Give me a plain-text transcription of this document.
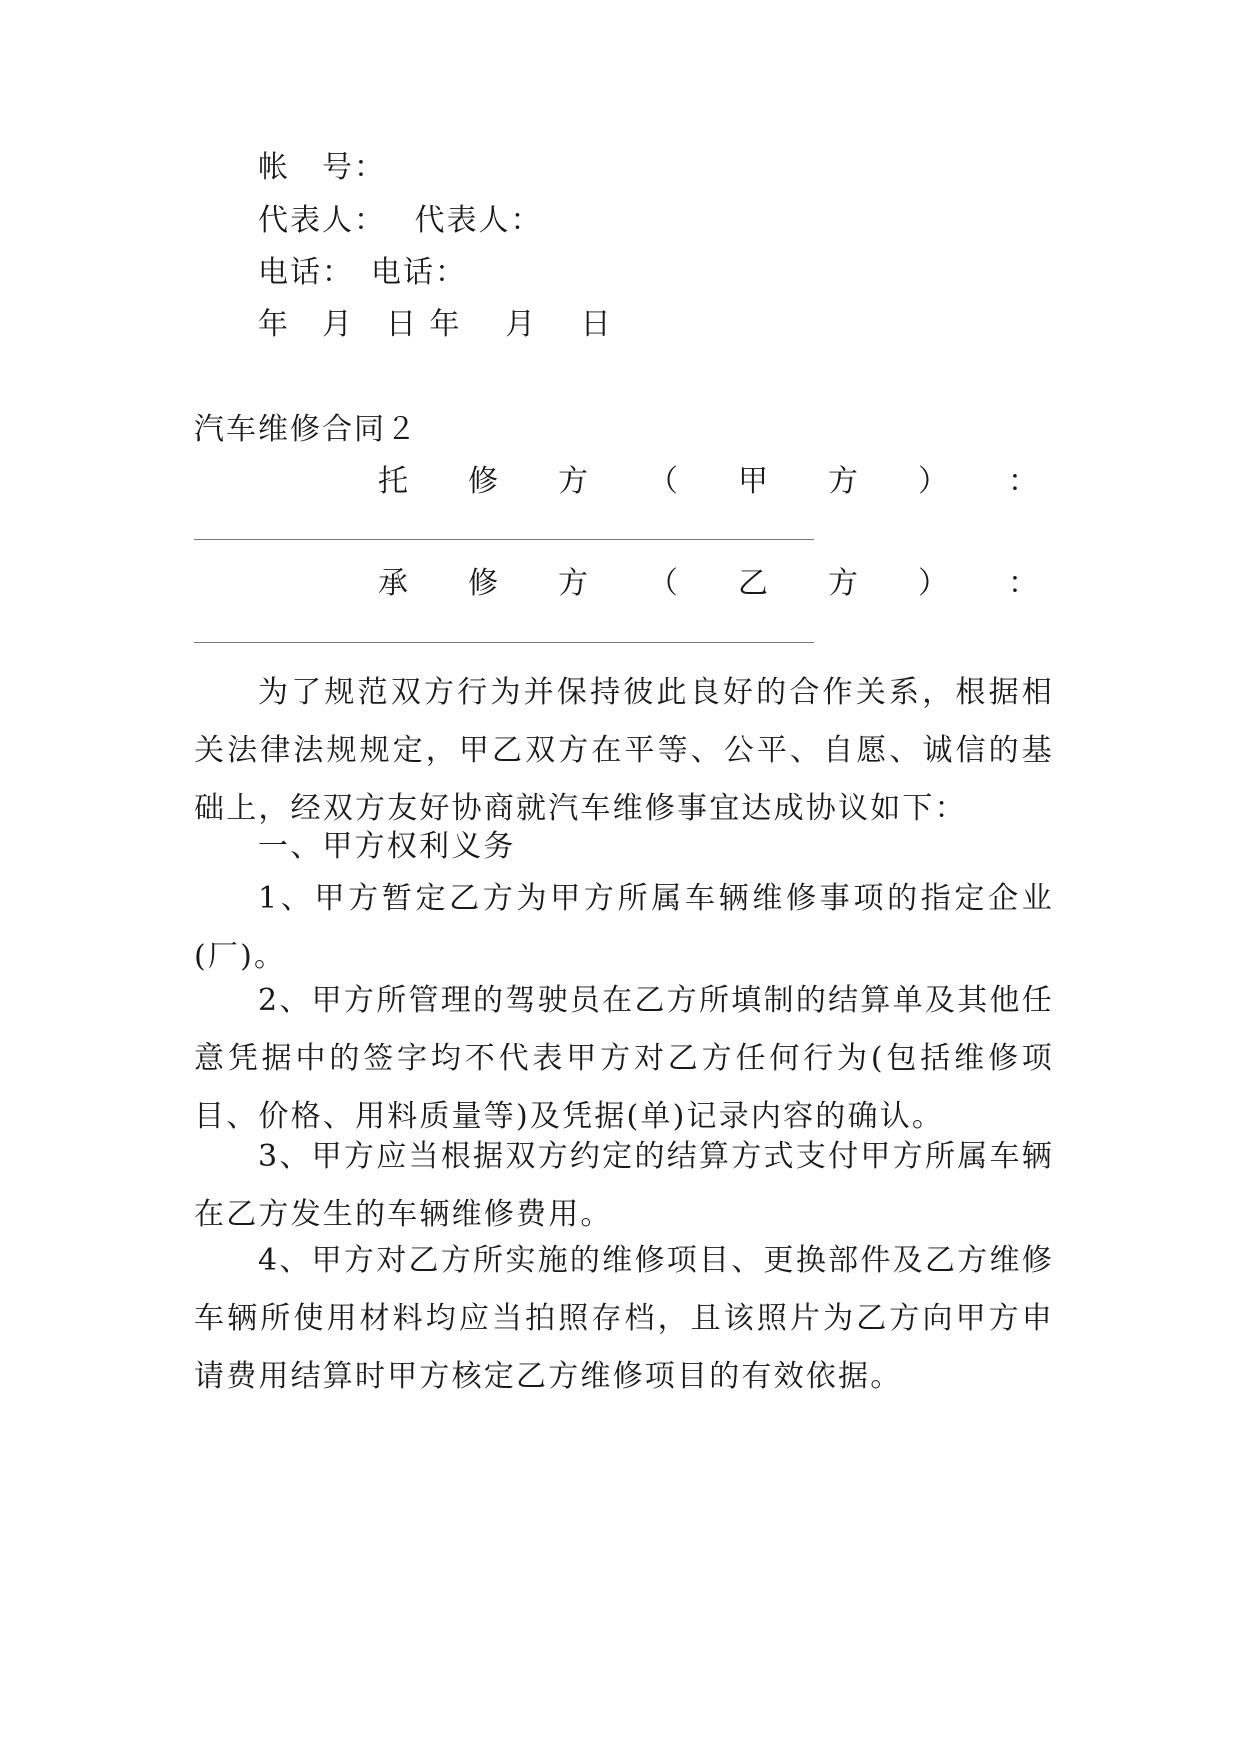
帐　号：
代表人：　 代表人：
电话：　电话：
年　月　日 年　 月　 日
汽车维修合同２
托 修 方 （ 甲 方 ） ：
承 修 方 （ 乙 方 ） ：

为了规范双方行为并保持彼此良好的合作关系，根据相关法律法规规定，甲乙双方在平等、公平、自愿、诚信的基础上，经双方友好协商就汽车维修事宜达成协议如下：

一、甲方权利义务

1、甲方暂定乙方为甲方所属车辆维修事项的指定企业(厂)。

2、甲方所管理的驾驶员在乙方所填制的结算单及其他任意凭据中的签字均不代表甲方对乙方任何行为(包括维修项目、价格、用料质量等)及凭据(单)记录内容的确认。

3、甲方应当根据双方约定的结算方式支付甲方所属车辆在乙方发生的车辆维修费用。

4、甲方对乙方所实施的维修项目、更换部件及乙方维修车辆所使用材料均应当拍照存档，且该照片为乙方向甲方申请费用结算时甲方核定乙方维修项目的有效依据。
